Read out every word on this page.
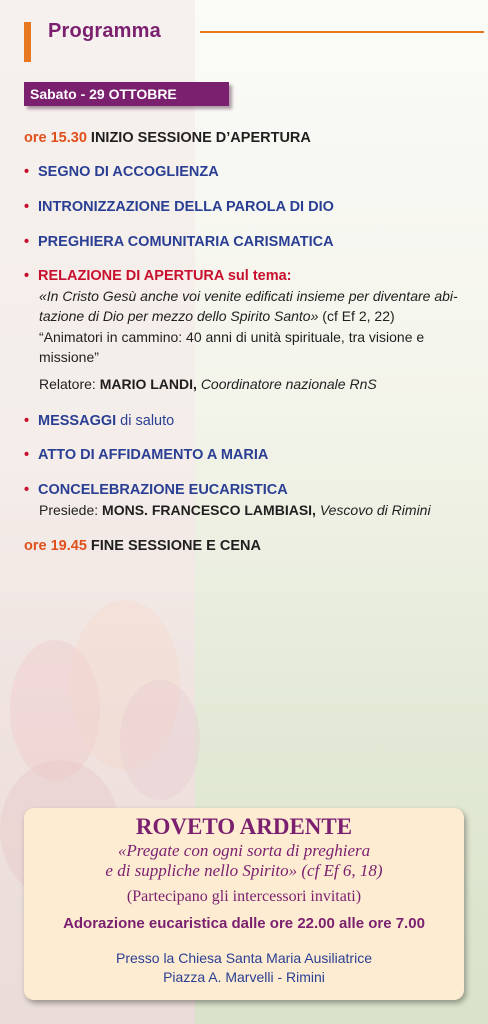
Programma
Sabato - 29 OTTOBRE
ore 15.30 INIZIO SESSIONE D’APERTURA
• SEGNO DI ACCOGLIENZA
• INTRONIZZAZIONE DELLA PAROLA DI DIO
• PREGHIERA COMUNITARIA CARISMATICA
• RELAZIONE DI APERTURA sul tema:
«In Cristo Gesù anche voi venite edificati insieme per diventare abi-
tazione di Dio per mezzo dello Spirito Santo» (cf Ef 2, 22)
“Animatori in cammino: 40 anni di unità spirituale, tra visione e
missione”
Relatore: MARIO LANDI, Coordinatore nazionale RnS
• MESSAGGI di saluto
• ATTO DI AFFIDAMENTO A MARIA
• CONCELEBRAZIONE EUCARISTICA
Presiede: MONS. FRANCESCO LAMBIASI, Vescovo di Rimini
ore 19.45 FINE SESSIONE E CENA
ROVETO ARDENTE
«Pregate con ogni sorta di preghiera
e di suppliche nello Spirito» (cf Ef 6, 18)
(Partecipano gli intercessori invitati)
Adorazione eucaristica dalle ore 22.00 alle ore 7.00
Presso la Chiesa Santa Maria Ausiliatrice
Piazza A. Marvelli - Rimini
